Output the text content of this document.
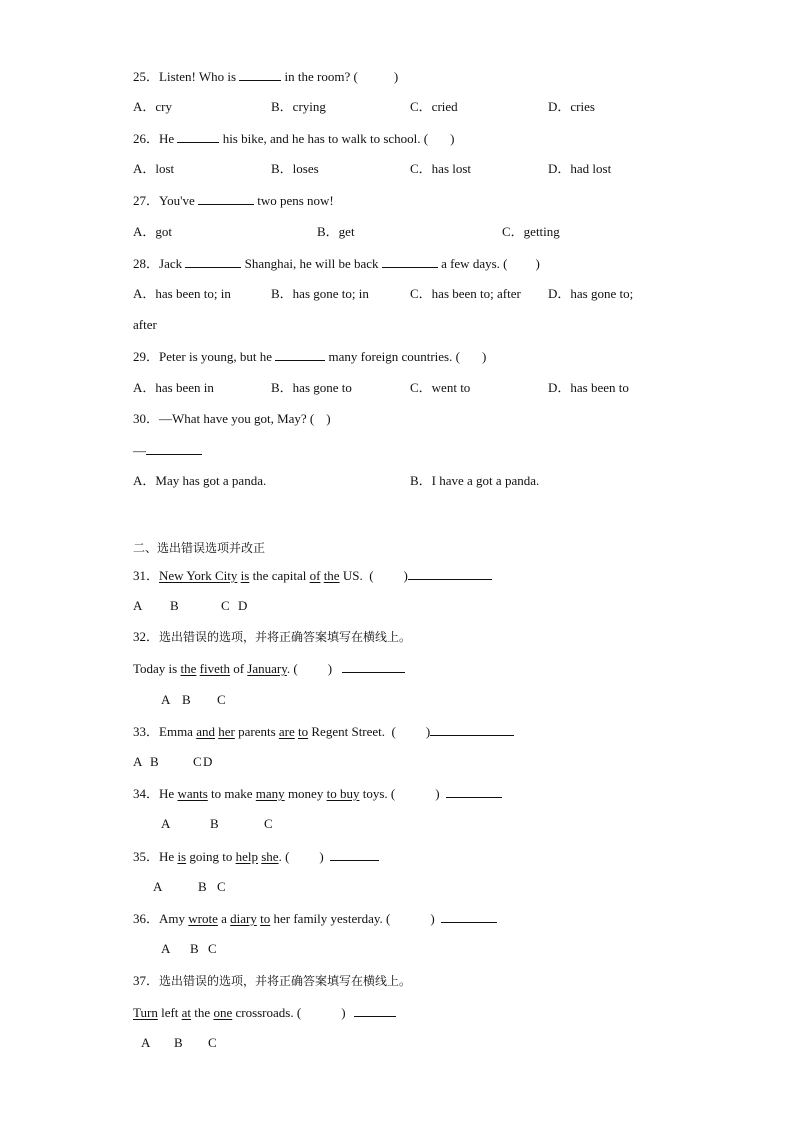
25．Listen! Who is	in the room? (	)
A．cry	B．crying	C．cried	D．cries
26．He	his bike, and he has to walk to school. ( )
A．lost	B．loses	C．has lost	D．had lost
27．You've	two pens now!
A．got	B．get	C．getting
28．Jack	Shanghai, he will be back	a few days. ( )
A．has been to; in	B．has gone to; in	C．has been to; after D．has gone to;
after
29．Peter is young, but he	many foreign countries. ( )
A．has been in	B．has gone to	C．went to	D．has been to
30．—What have you got, May? ( )
—
A．May has got a panda.	B．I have a got a panda.
二、选出错误选项并改正
31．New York City is the capital of the US.  ( )
A B	C D
32．选出错误的选项，并将正确答案填写在横线上。
Today is the fiveth of January. ( )
A B C
33．Emma and her parents are to Regent Street.  ( )
A B	C D
34．He wants to make many money to buy toys. (	)
A	B	C
35．He is going to help she. ( )
A	B C
36．Amy wrote a diary to her family yesterday. (	)
A B C
37．选出错误的选项，并将正确答案填写在横线上。
Turn left at the one crossroads. (	)
A B C
